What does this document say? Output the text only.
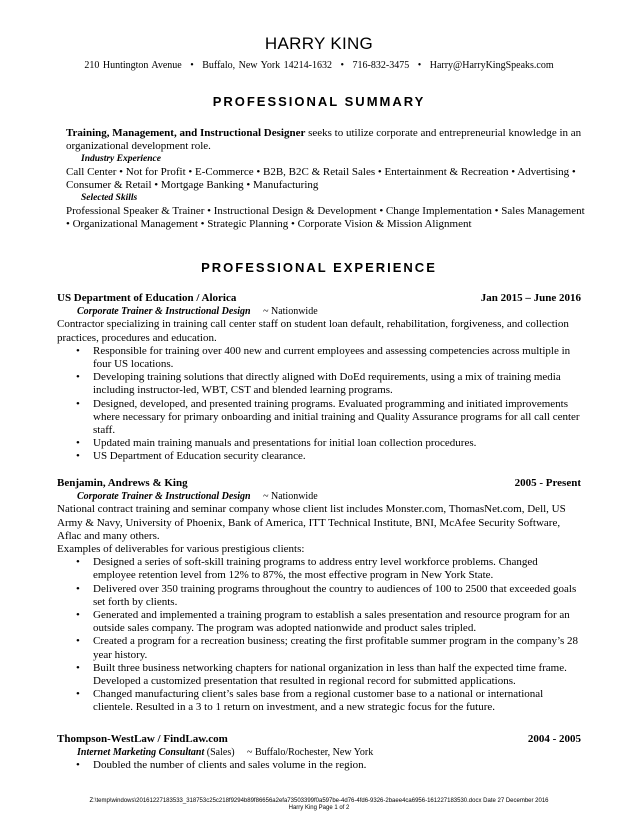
HARRY KING
210 Huntington Avenue • Buffalo, New York 14214-1632 • 716-832-3475 • Harry@HarryKingSpeaks.com
PROFESSIONAL SUMMARY

Training, Management, and Instructional Designer seeks to utilize corporate and entrepreneurial knowledge in an organizational development role.

Industry Experience

Call Center • Not for Profit • E-Commerce • B2B, B2C & Retail Sales • Entertainment & Recreation • Advertising • Consumer & Retail • Mortgage Banking • Manufacturing

Selected Skills

Professional Speaker & Trainer • Instructional Design & Development • Change Implementation • Sales Management • Organizational Management • Strategic Planning • Corporate Vision & Mission Alignment

PROFESSIONAL EXPERIENCE
US Department of Education / Alorica	Jan 2015 – June 2016
Corporate Trainer & Instructional Design ~ Nationwide

Contractor specializing in training call center staff on student loan default, rehabilitation, forgiveness, and collection practices, procedures and education.

• Responsible for training over 400 new and current employees and assessing competencies across multiple in four US locations.
• Developing training solutions that directly aligned with DoEd requirements, using a mix of training media including instructor-led, WBT, CST and blended learning programs.
• Designed, developed, and presented training programs. Evaluated programming and initiated improvements where necessary for primary onboarding and initial training and Quality Assurance programs for all call center staff.
• Updated main training manuals and presentations for initial loan collection procedures.
• US Department of Education security clearance.
Benjamin, Andrews & King	2005 - Present
Corporate Trainer & Instructional Design ~ Nationwide

National contract training and seminar company whose client list includes Monster.com, ThomasNet.com, Dell, US Army & Navy, University of Phoenix, Bank of America, ITT Technical Institute, BNI, McAfee Security Software, Aflac and many others.

Examples of deliverables for various prestigious clients:

• Designed a series of soft-skill training programs to address entry level workforce problems. Changed employee retention level from 12% to 87%, the most effective program in New York State.
• Delivered over 350 training programs throughout the country to audiences of 100 to 2500 that exceeded goals set forth by clients.
• Generated and implemented a training program to establish a sales presentation and resource program for an outside sales company. The program was adopted nationwide and product sales tripled.
• Created a program for a recreation business; creating the first profitable summer program in the company’s 28 year history.
• Built three business networking chapters for national organization in less than half the expected time frame. Developed a customized presentation that resulted in regional record for submitted applications.
• Changed manufacturing client’s sales base from a regional customer base to a national or international clientele. Resulted in a 3 to 1 return on investment, and a new strategic focus for the future.
Thompson-WestLaw / FindLaw.com	2004 - 2005
Internet Marketing Consultant (Sales) ~ Buffalo/Rochester, New York
• Doubled the number of clients and sales volume in the region.
Z:\temp\windows\20161227183533_318753c25c218f9294b89f86656a2efa73503399f0a597be-4d76-4fd6-9326-2baee4ca6956-161227183530.docx Date 27 December 2016
Harry King Page 1 of 2
